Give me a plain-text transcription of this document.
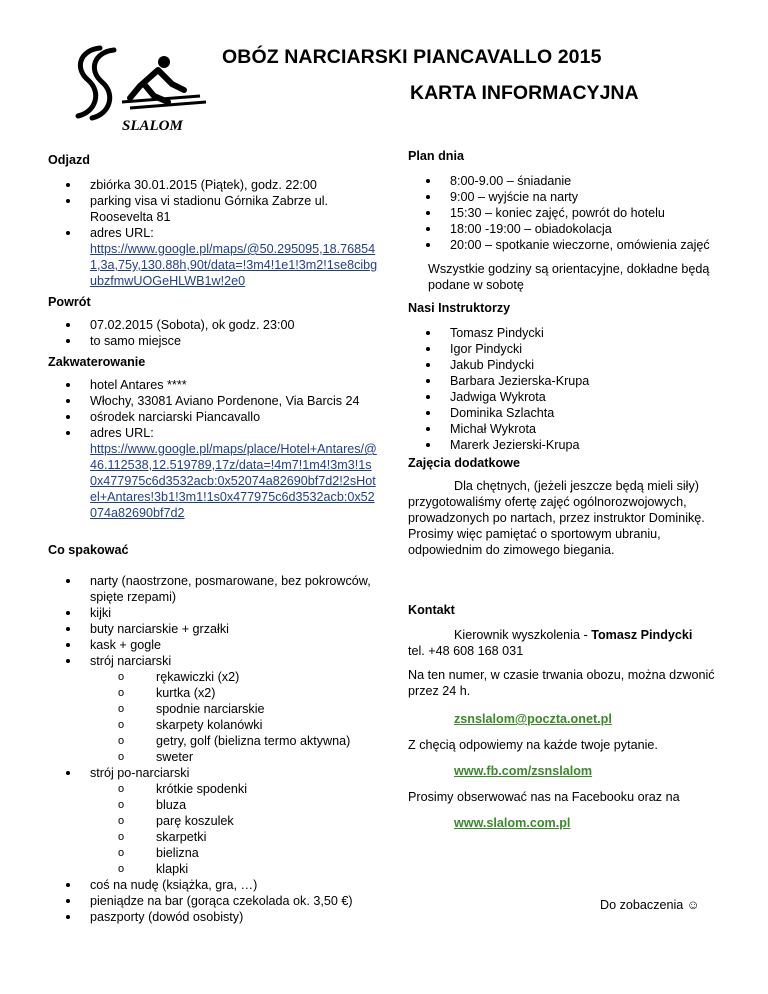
SLALOM
OBÓZ NARCIARSKI PIANCAVALLO 2015
KARTA INFORMACYJNA
Odjazd
zbiórka 30.01.2015 (Piątek), godz. 22:00
parking visa vi stadionu Górnika Zabrze ul. Roosevelta 81
adres URL:
https://www.google.pl/maps/@50.295095,18.768541,3a,75y,130.88h,90t/data=!3m4!1e1!3m2!1se8cibgubzfmwUOGeHLWB1w!2e0
Powrót
07.02.2015 (Sobota), ok godz. 23:00
to samo miejsce
Zakwaterowanie
hotel Antares ****
Włochy, 33081 Aviano Pordenone, Via Barcis 24
ośrodek narciarski Piancavallo
adres URL:
https://www.google.pl/maps/place/Hotel+Antares/@46.112538,12.519789,17z/data=!4m7!1m4!3m3!1s0x477975c6d3532acb:0x52074a82690bf7d2!2sHotel+Antares!3b1!3m1!1s0x477975c6d3532acb:0x52074a82690bf7d2
Co spakować
narty (naostrzone, posmarowane, bez pokrowców, spięte rzepami)
kijki
buty narciarskie + grzałki
kask + gogle
strój narciarski
o rękawiczki (x2)
o kurtka (x2)
o spodnie narciarskie
o skarpety kolanówki
o getry, golf (bielizna termo aktywna)
o sweter
strój po-narciarski
o krótkie spodenki
o bluza
o parę koszulek
o skarpetki
o bielizna
o klapki
coś na nudę (książka, gra, …)
pieniądze na bar (gorąca czekolada ok. 3,50 €)
paszporty (dowód osobisty)
Plan dnia
8:00-9.00 – śniadanie
9:00 – wyjście na narty
15:30 – koniec zajęć, powrót do hotelu
18:00 -19:00 – obiadokolacja
20:00 – spotkanie wieczorne, omówienia zajęć

Wszystkie godziny są orientacyjne, dokładne będą podane w sobotę

Nasi Instruktorzy
Tomasz Pindycki
Igor Pindycki
Jakub Pindycki
Barbara Jezierska-Krupa
Jadwiga Wykrota
Dominika Szlachta
Michał Wykrota
Marerk Jezierski-Krupa
Zajęcia dodatkowe

Dla chętnych, (jeżeli jeszcze będą mieli siły) przygotowaliśmy ofertę zajęć ogólnorozwojowych, prowadzonych po nartach, przez instruktor Dominikę. Prosimy więc pamiętać o sportowym ubraniu, odpowiednim do zimowego biegania.

Kontakt

Kierownik wyszkolenia - Tomasz Pindycki

tel. +48 608 168 031

Na ten numer, w czasie trwania obozu, można dzwonić przez 24 h.

zsnslalom@poczta.onet.pl

Z chęcią odpowiemy na każde twoje pytanie.

www.fb.com/zsnslalom

Prosimy obserwować nas na Facebooku oraz na

www.slalom.com.pl

Do zobaczenia ☺
